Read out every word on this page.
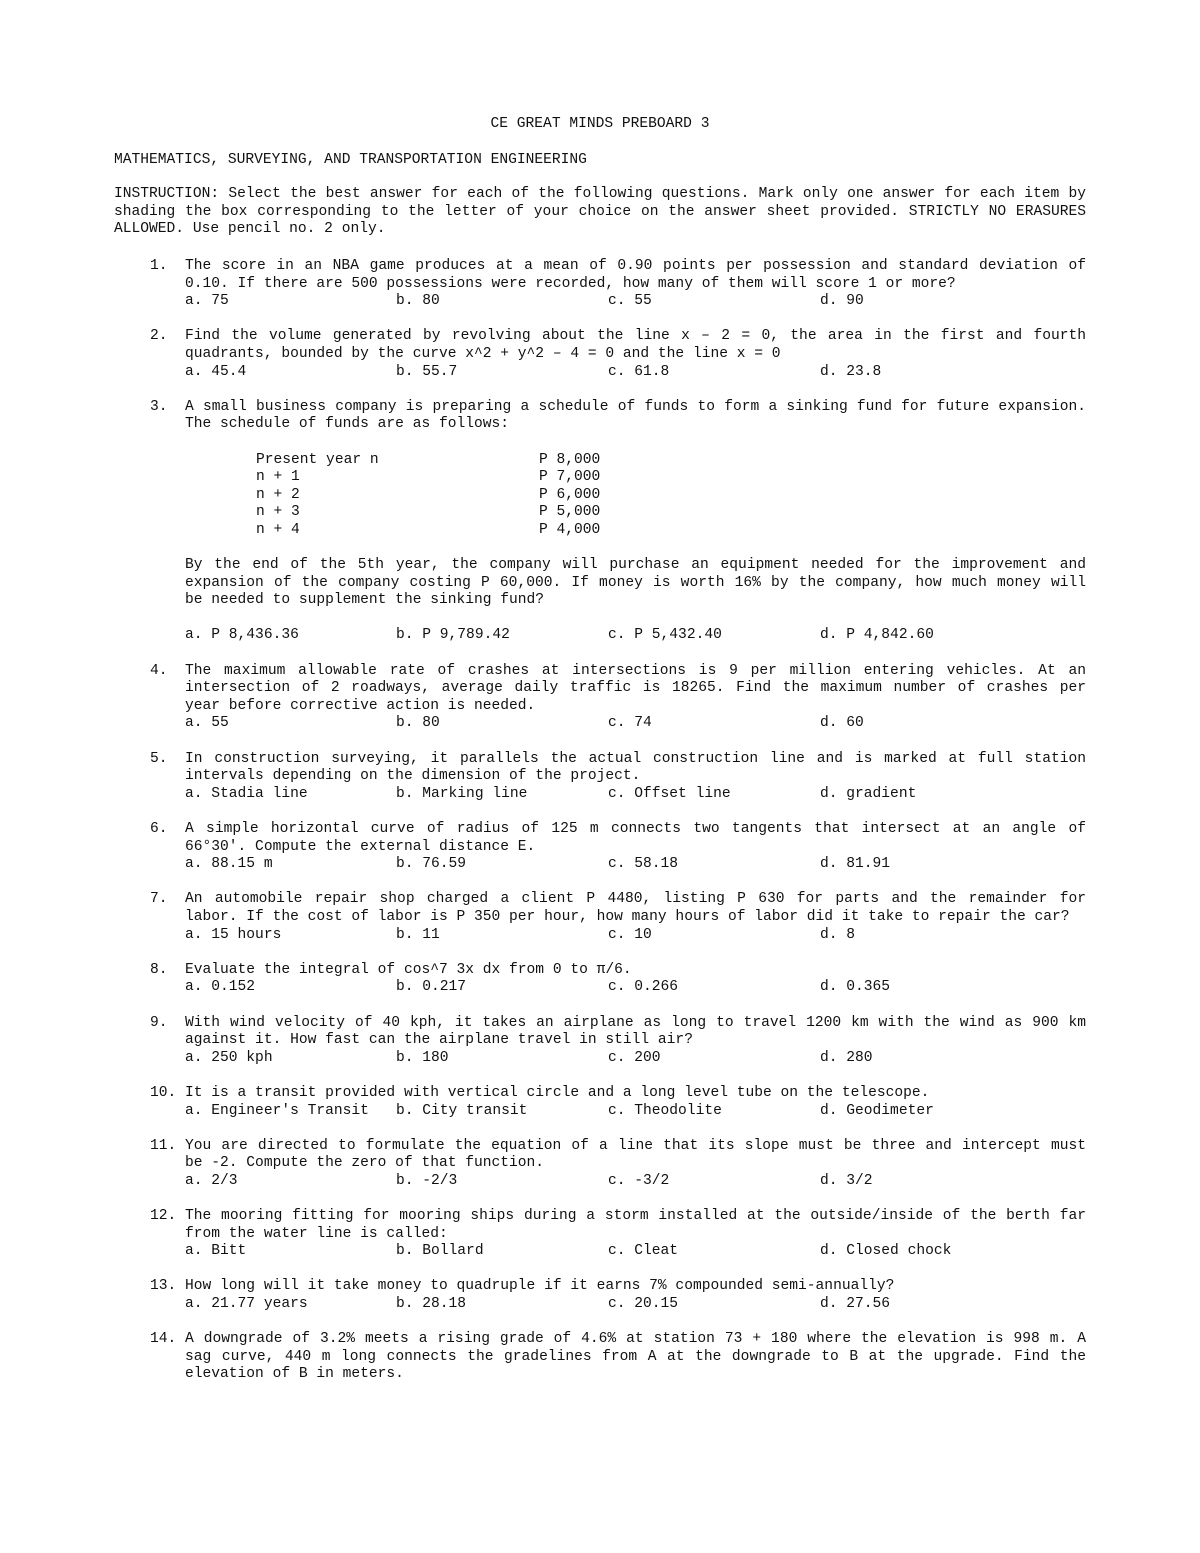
CE GREAT MINDS PREBOARD 3
MATHEMATICS, SURVEYING, AND TRANSPORTATION ENGINEERING
INSTRUCTION: Select the best answer for each of the following questions. Mark only one answer for each item by shading the box corresponding to the letter of your choice on the answer sheet provided. STRICTLY NO ERASURES ALLOWED. Use pencil no. 2 only.
1.	The score in an NBA game produces at a mean of 0.90 points per possession and standard deviation of 0.10. If there are 500 possessions were recorded, how many of them will score 1 or more?
a. 75	b. 80	c. 55	d. 90
2.	Find the volume generated by revolving about the line x – 2 = 0, the area in the first and fourth quadrants, bounded by the curve x^2 + y^2 – 4 = 0 and the line x = 0
a. 45.4	b. 55.7	c. 61.8	d. 23.8
3.	A small business company is preparing a schedule of funds to form a sinking fund for future expansion. The schedule of funds are as follows:
Present year n	P 8,000
n + 1	P 7,000
n + 2	P 6,000
n + 3	P 5,000
n + 4	P 4,000
By the end of the 5th year, the company will purchase an equipment needed for the improvement and expansion of the company costing P 60,000. If money is worth 16% by the company, how much money will be needed to supplement the sinking fund?
a. P 8,436.36	b. P 9,789.42	c. P 5,432.40	d. P 4,842.60
4.	The maximum allowable rate of crashes at intersections is 9 per million entering vehicles. At an intersection of 2 roadways, average daily traffic is 18265. Find the maximum number of crashes per year before corrective action is needed.
a. 55	b. 80	c. 74	d. 60
5.	In construction surveying, it parallels the actual construction line and is marked at full station intervals depending on the dimension of the project.
a. Stadia line	b. Marking line	c. Offset line	d. gradient
6.	A simple horizontal curve of radius of 125 m connects two tangents that intersect at an angle of 66°30′. Compute the external distance E.
a. 88.15 m	b. 76.59	c. 58.18	d. 81.91
7.	An automobile repair shop charged a client P 4480, listing P 630 for parts and the remainder for labor. If the cost of labor is P 350 per hour, how many hours of labor did it take to repair the car?
a. 15 hours	b. 11	c. 10	d. 8
8.	Evaluate the integral of cos^7 3x dx from 0 to π/6.
a. 0.152	b. 0.217	c. 0.266	d. 0.365
9.	With wind velocity of 40 kph, it takes an airplane as long to travel 1200 km with the wind as 900 km against it. How fast can the airplane travel in still air?
a. 250 kph	b. 180	c. 200	d. 280
10. It is a transit provided with vertical circle and a long level tube on the telescope.
a. Engineer′s Transit	b. City transit	c. Theodolite	d. Geodimeter
11. You are directed to formulate the equation of a line that its slope must be three and intercept must be -2. Compute the zero of that function.
a. 2/3	b. -2/3	c. -3/2	d. 3/2
12. The mooring fitting for mooring ships during a storm installed at the outside/inside of the berth far from the water line is called:
a. Bitt	b. Bollard	c. Cleat	d. Closed chock
13. How long will it take money to quadruple if it earns 7% compounded semi-annually?
a. 21.77 years	b. 28.18	c. 20.15	d. 27.56
14. A downgrade of 3.2% meets a rising grade of 4.6% at station 73 + 180 where the elevation is 998 m. A sag curve, 440 m long connects the gradelines from A at the downgrade to B at the upgrade. Find the elevation of B in meters.
